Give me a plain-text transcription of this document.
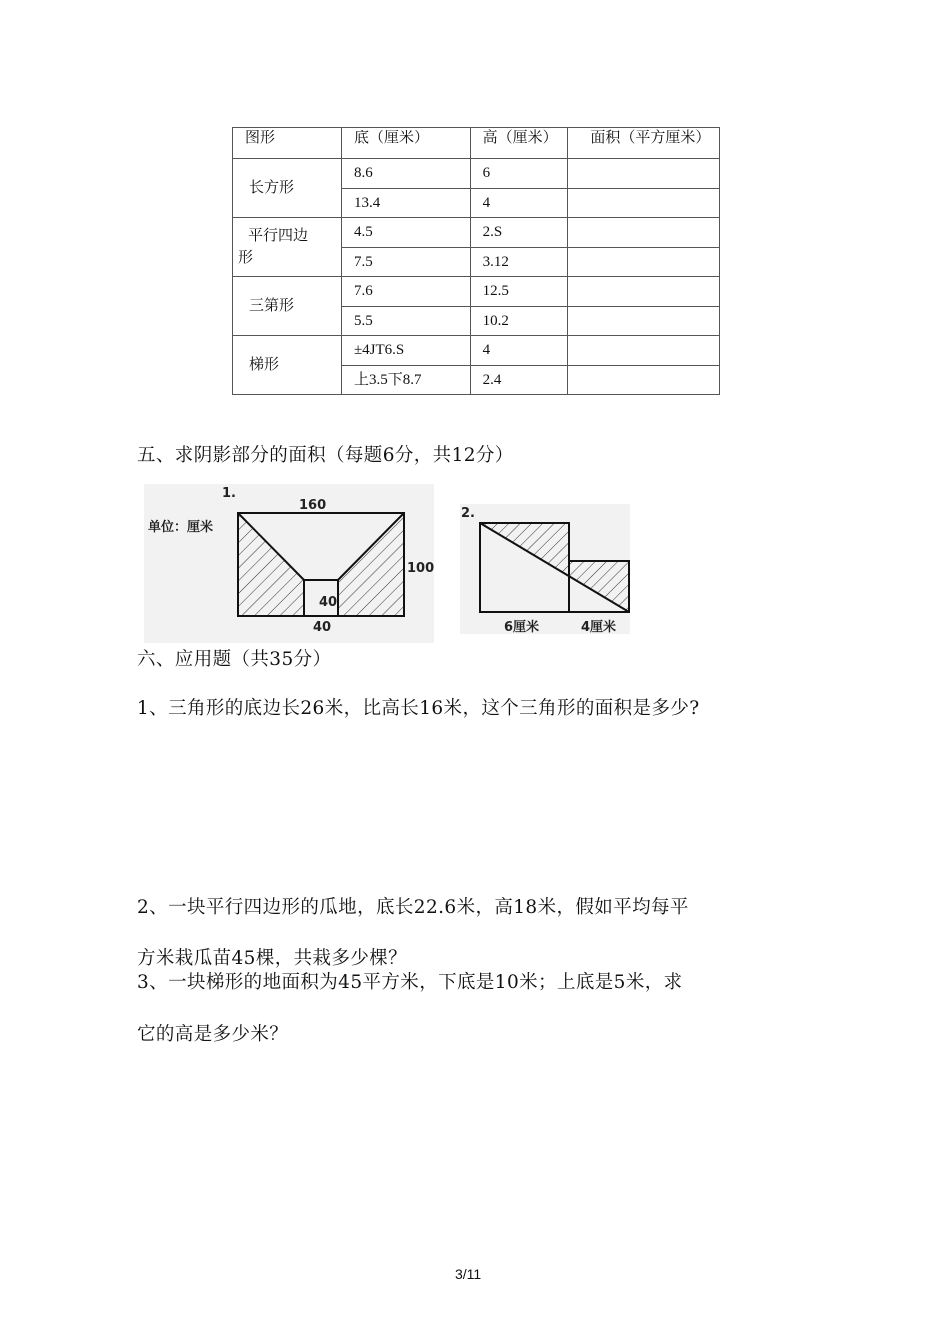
图形	底（厘米）	高（厘米）	面积（平方厘米）

长方形	8.6	6	
	13.4	4	

平行四边形	4.5	2.S	
	7.5	3.12	
三第形	7.6	12.5	
	5.5	10.2	
梯形	±4JT6.S	4	
	上3.5下8.7	2.4	
五、求阴影部分的面积（每题6分，共12分）
1.
单位：厘米
160
100
40
40
2.
6厘米	4厘米
六、应用题（共35分）
1、三角形的底边长26米，比高长16米，这个三角形的面积是多少?
2、一块平行四边形的瓜地，底长22.6米，高18米，假如平均每平
方米栽瓜苗45棵，共栽多少棵？
3、一块梯形的地面积为45平方米，下底是10米；上底是5米，求
它的高是多少米？
3/11
